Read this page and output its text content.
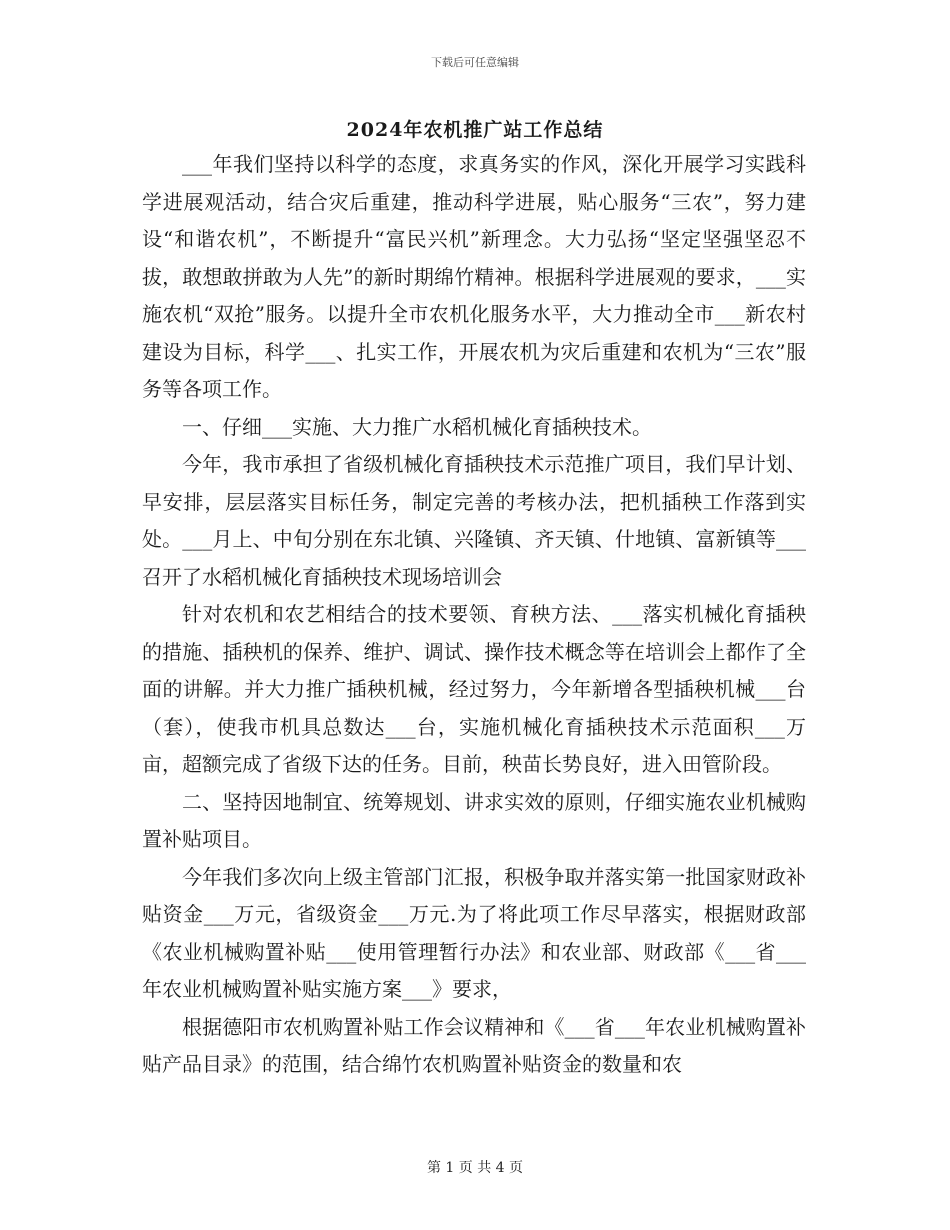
下载后可任意编辑
2024年农机推广站工作总结

___年我们坚持以科学的态度，求真务实的作风，深化开展学习实践科学进展观活动，结合灾后重建，推动科学进展，贴心服务“三农”，努力建设“和谐农机”，不断提升“富民兴机”新理念。大力弘扬“坚定坚强坚忍不拔，敢想敢拼敢为人先”的新时期绵竹精神。根据科学进展观的要求，___实施农机“双抢”服务。以提升全市农机化服务水平，大力推动全市___新农村建设为目标，科学___、扎实工作，开展农机为灾后重建和农机为“三农”服务等各项工作。

一、仔细___实施、大力推广水稻机械化育插秧技术。

今年，我市承担了省级机械化育插秧技术示范推广项目，我们早计划、早安排，层层落实目标任务，制定完善的考核办法，把机插秧工作落到实处。___月上、中旬分别在东北镇、兴隆镇、齐天镇、什地镇、富新镇等___召开了水稻机械化育插秧技术现场培训会

针对农机和农艺相结合的技术要领、育秧方法、___落实机械化育插秧的措施、插秧机的保养、维护、调试、操作技术概念等在培训会上都作了全面的讲解。并大力推广插秧机械，经过努力，今年新增各型插秧机械___台（套），使我市机具总数达___台，实施机械化育插秧技术示范面积___万亩，超额完成了省级下达的任务。目前，秧苗长势良好，进入田管阶段。

二、坚持因地制宜、统筹规划、讲求实效的原则，仔细实施农业机械购置补贴项目。

今年我们多次向上级主管部门汇报，积极争取并落实第一批国家财政补贴资金___万元，省级资金___万元.为了将此项工作尽早落实，根据财政部《农业机械购置补贴___使用管理暂行办法》和农业部、财政部《___省___年农业机械购置补贴实施方案___》要求，

根据德阳市农机购置补贴工作会议精神和《___省___年农业机械购置补贴产品目录》的范围，结合绵竹农机购置补贴资金的数量和农

第 1 页 共 4 页
